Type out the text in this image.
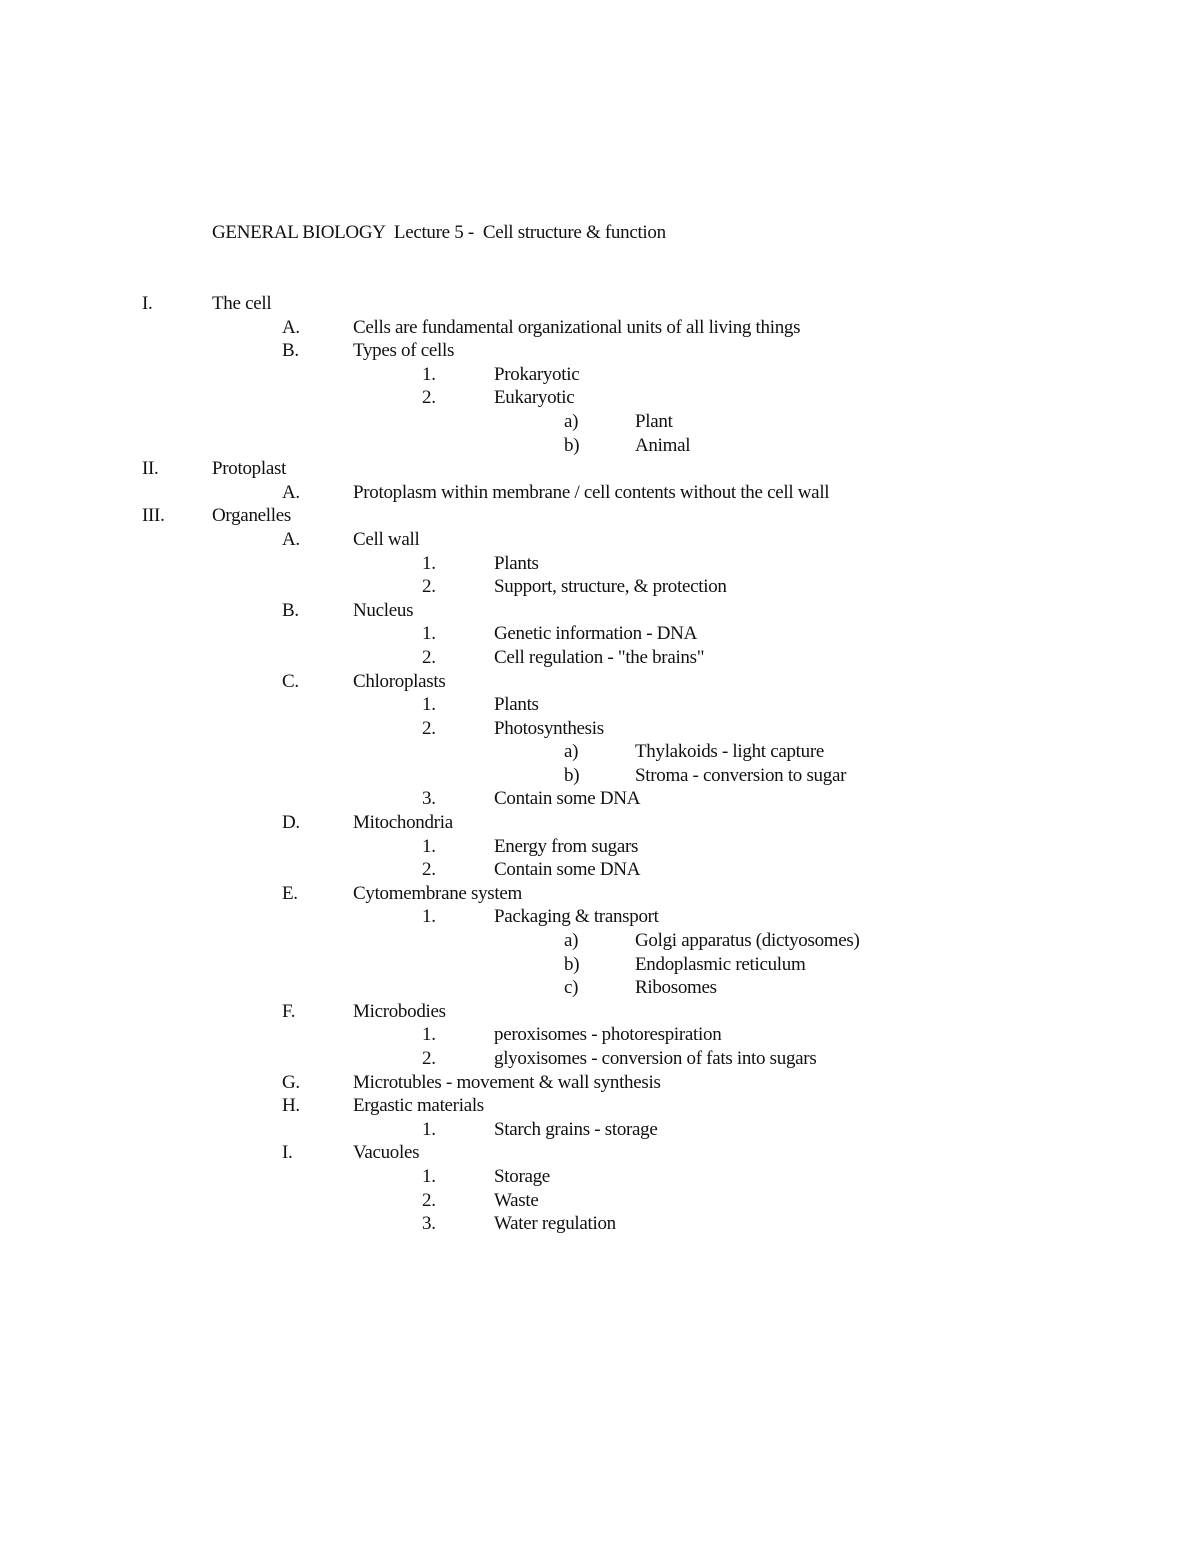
GENERAL BIOLOGY  Lecture 5 -  Cell structure & function
I.	The cell
A.	Cells are fundamental organizational units of all living things
B.	Types of cells
1.	Prokaryotic
2.	Eukaryotic
a)	Plant
b)	Animal
II.	Protoplast
A.	Protoplasm within membrane / cell contents without the cell wall
III. Organelles
A.	Cell wall
1.	Plants
2.	Support, structure, & protection
B.	Nucleus
1.	Genetic information - DNA
2.	Cell regulation - "the brains"
C.	Chloroplasts
1.	Plants
2.	Photosynthesis
a)	Thylakoids - light capture
b)	Stroma - conversion to sugar
3.	Contain some DNA
D.	Mitochondria
1.	Energy from sugars
2.	Contain some DNA
E.	Cytomembrane system
1.	Packaging & transport
a)	Golgi apparatus (dictyosomes)
b)	Endoplasmic reticulum
c)	Ribosomes
F.	Microbodies
1.	peroxisomes - photorespiration
2.	glyoxisomes - conversion of fats into sugars
G.	Microtubles - movement & wall synthesis
H.	Ergastic materials
1.	Starch grains - storage
I.	Vacuoles
1.	Storage
2.	Waste
3.	Water regulation
